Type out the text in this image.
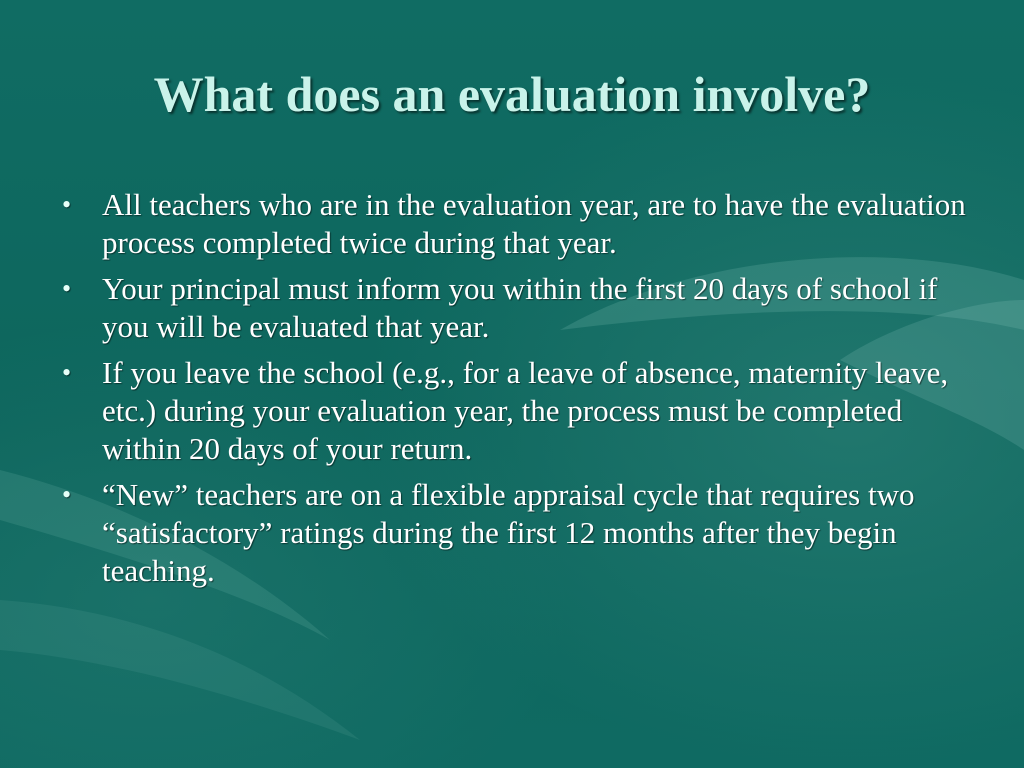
What does an evaluation involve?
• All teachers who are in the evaluation year, are to have the evaluation process completed twice during that year.
• Your principal must inform you within the first 20 days of school if you will be evaluated that year.
• If you leave the school (e.g., for a leave of absence, maternity leave, etc.) during your evaluation year, the process must be completed within 20 days of your return.
• “New” teachers are on a flexible appraisal cycle that requires two “satisfactory” ratings during the first 12 months after they begin teaching.
